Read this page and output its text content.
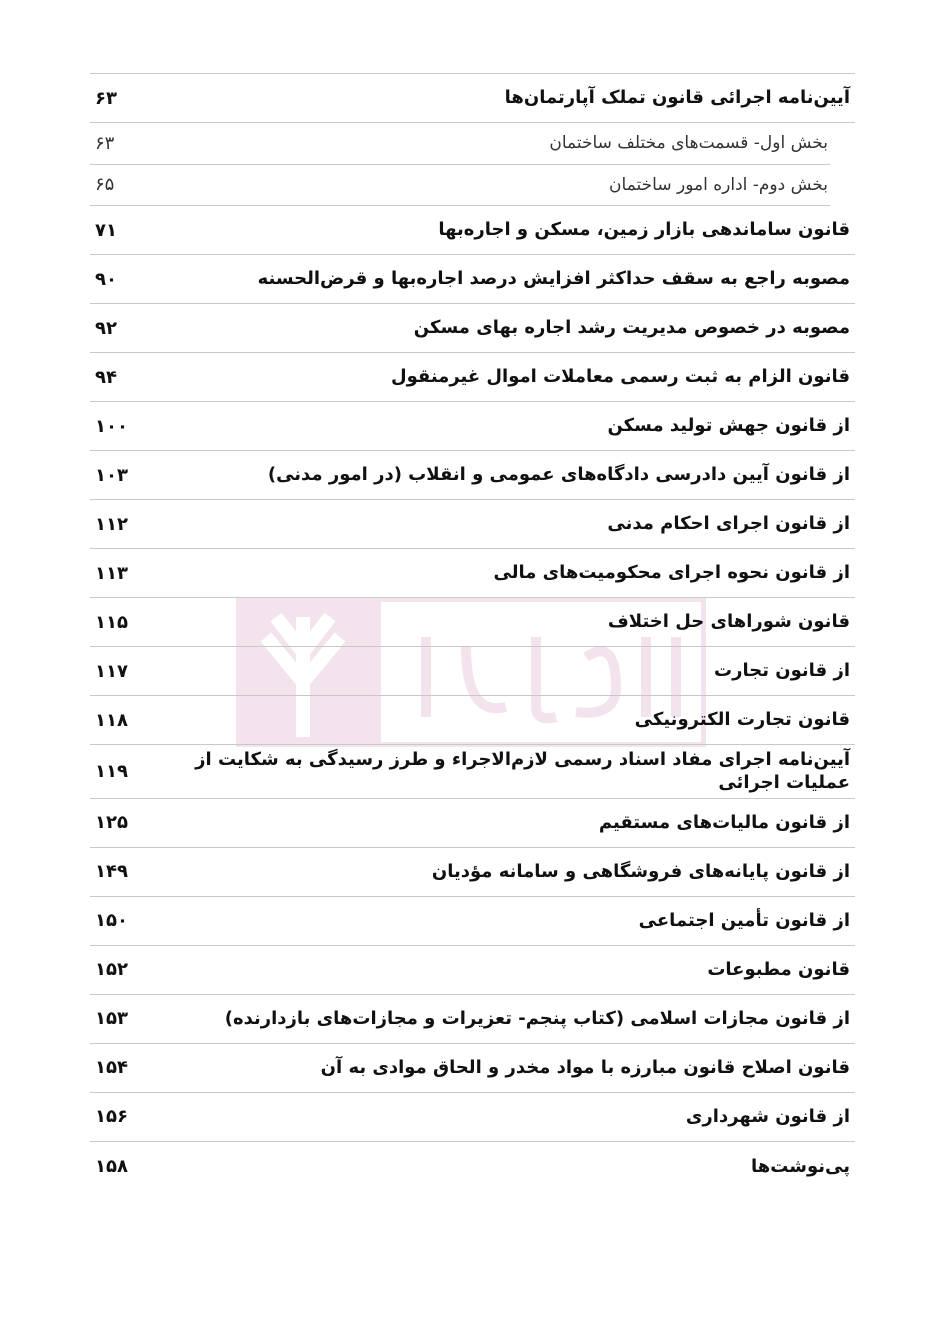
آیین‌نامه اجرائی قانون تملک آپارتمان‌ها
۶۳
بخش اول- قسمت‌های مختلف ساختمان
۶۳
بخش دوم- اداره امور ساختمان
۶۵
قانون ساماندهی بازار زمین، مسکن و اجاره‌بها
۷۱
مصوبه راجع به سقف حداکثر افزایش درصد اجاره‌بها و قرض‌الحسنه
۹۰
مصوبه در خصوص مدیریت رشد اجاره بهای مسکن
۹۲
قانون الزام به ثبت رسمی معاملات اموال غیرمنقول
۹۴
از قانون جهش تولید مسکن
۱۰۰
از قانون آیین دادرسی دادگاه‌های عمومی و انقلاب (در امور مدنی)
۱۰۳
از قانون اجرای احکام مدنی
۱۱۲
از قانون نحوه اجرای محکومیت‌های مالی
۱۱۳
قانون شوراهای حل اختلاف
۱۱۵
از قانون تجارت
۱۱۷
قانون تجارت الکترونیکی
۱۱۸
آیین‌نامه اجرای مفاد اسناد رسمی لازم‌الاجراء و طرز رسیدگی به شکایت از عملیات اجرائی
۱۱۹
از قانون مالیات‌های مستقیم
۱۲۵
از قانون پایانه‌های فروشگاهی و سامانه مؤدیان
۱۴۹
از قانون تأمین اجتماعی
۱۵۰
قانون مطبوعات
۱۵۲
از قانون مجازات اسلامی (کتاب پنجم- تعزیرات و مجازات‌های بازدارنده)
۱۵۳
قانون اصلاح قانون مبارزه با مواد مخدر و الحاق موادی به آن
۱۵۴
از قانون شهرداری
۱۵۶
پی‌نوشت‌ها
۱۵۸
